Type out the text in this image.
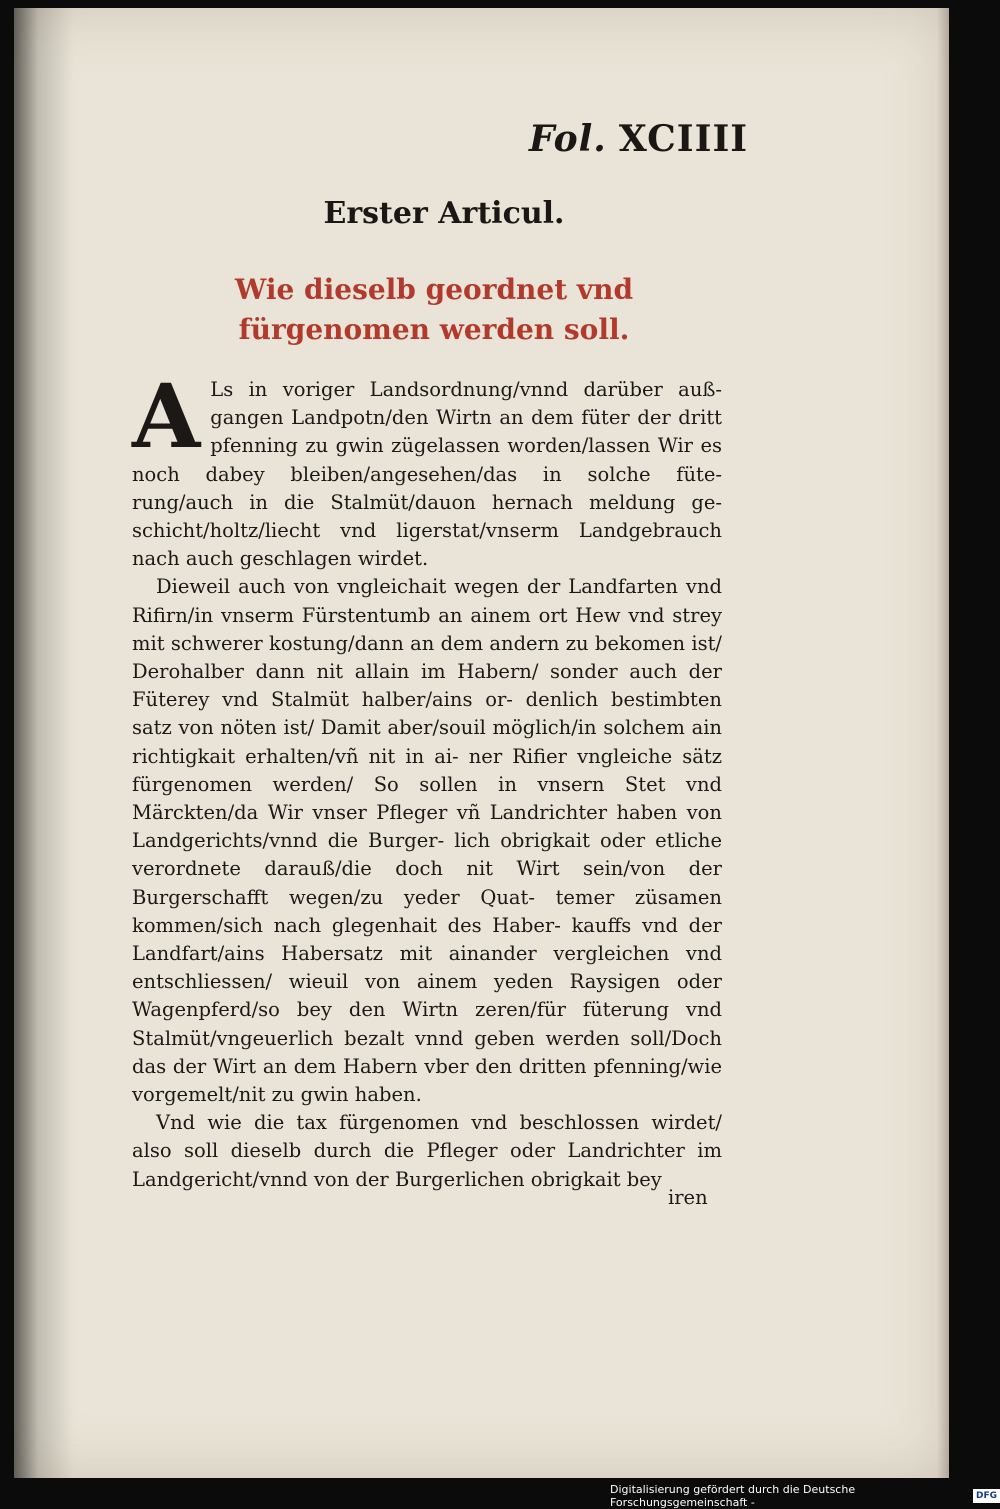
Fol. XCIIII
Erster Articul.
Wie dieselb geordnet vnd fürgenomen werden soll.

A Ls in voriger Landsordnung/vnnd darüber auß- gangen Landpotn/den Wirtn an dem füter der dritt pfenning zu gwin zügelassen worden/lassen Wir es noch dabey bleiben/angesehen/das in solche füte- rung/auch in die Stalmüt/dauon hernach meldung ge- schicht/holtz/liecht vnd ligerstat/vnserm Landgebrauch nach auch geschlagen wirdet.

Dieweil auch von vngleichait wegen der Landfarten vnd Rifirn/in vnserm Fürstentumb an ainem ort Hew vnd strey mit schwerer kostung/dann an dem andern zu bekomen ist/ Derohalber dann nit allain im Habern/ sonder auch der Füterey vnd Stalmüt halber/ains or- denlich bestimbten satz von nöten ist/ Damit aber/souil möglich/in solchem ain richtigkait erhalten/vñ nit in ai- ner Rifier vngleiche sätz fürgenomen werden/ So sollen in vnsern Stet vnd Märckten/da Wir vnser Pfleger vñ Landrichter haben von Landgerichts/vnnd die Burger- lich obrigkait oder etliche verordnete darauß/die doch nit Wirt sein/von der Burgerschafft wegen/zu yeder Quat- temer züsamen kommen/sich nach glegenhait des Haber- kauffs vnd der Landfart/ains Habersatz mit ainander vergleichen vnd entschliessen/ wieuil von ainem yeden Raysigen oder Wagenpferd/so bey den Wirtn zeren/für füterung vnd Stalmüt/vngeuerlich bezalt vnnd geben werden soll/Doch das der Wirt an dem Habern vber den dritten pfenning/wie vorgemelt/nit zu gwin haben.

Vnd wie die tax fürgenomen vnd beschlossen wirdet/ also soll dieselb durch die Pfleger oder Landrichter im Landgericht/vnnd von der Burgerlichen obrigkait bey

iren
Digitalisierung gefördert durch die Deutsche Forschungsgemeinschaft -	DFG
